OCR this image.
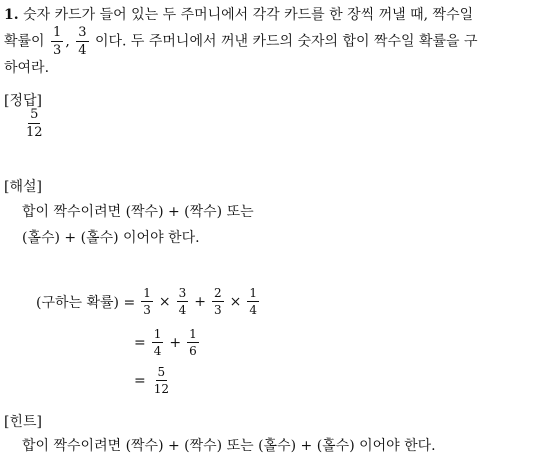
1. 숫자 카드가 들어 있는 두 주머니에서 각각 카드를 한 장씩 꺼낼 때, 짝수일
확률이 $\frac{1}{3}$ , $\frac{3}{4}$ 이다. 두 주머니에서 꺼낸 카드의 숫자의 합이 짝수일 확률을 구
하여라.
[정답]
$\frac{5}{12}$
[해설]
합이 짝수이려면 (짝수) + (짝수) 또는
(홀수) + (홀수) 이어야 한다.
(구하는 확률) = $\frac{1}{3} \times \frac{3}{4} + \frac{2}{3} \times \frac{1}{4}$
= $\frac{1}{4} + \frac{1}{6}$
= $\frac{5}{12}$
[힌트]
합이 짝수이려면 (짝수) + (짝수) 또는 (홀수) + (홀수) 이어야 한다.
